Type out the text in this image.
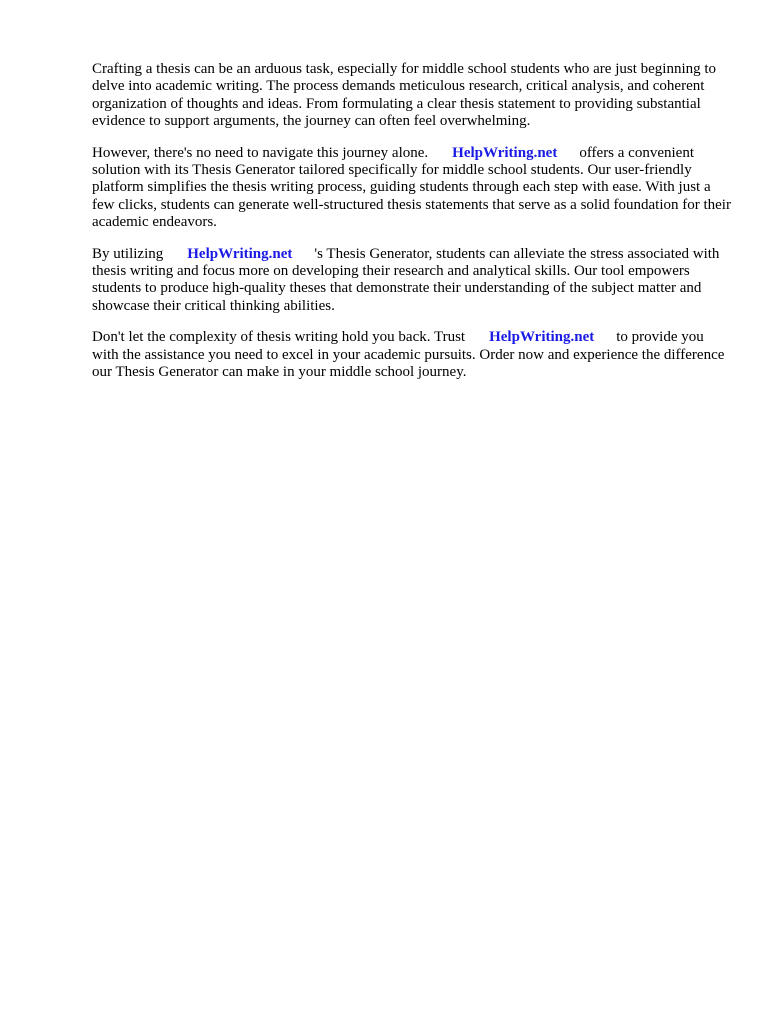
Crafting a thesis can be an arduous task, especially for middle school students who are just beginning to delve into academic writing. The process demands meticulous research, critical analysis, and coherent organization of thoughts and ideas. From formulating a clear thesis statement to providing substantial evidence to support arguments, the journey can often feel overwhelming.

However, there's no need to navigate this journey alone. HelpWriting.net offers a convenient solution with its Thesis Generator tailored specifically for middle school students. Our user-friendly platform simplifies the thesis writing process, guiding students through each step with ease. With just a few clicks, students can generate well-structured thesis statements that serve as a solid foundation for their academic endeavors.

By utilizing HelpWriting.net 's Thesis Generator, students can alleviate the stress associated with thesis writing and focus more on developing their research and analytical skills. Our tool empowers students to produce high-quality theses that demonstrate their understanding of the subject matter and showcase their critical thinking abilities.

Don't let the complexity of thesis writing hold you back. Trust HelpWriting.net to provide you with the assistance you need to excel in your academic pursuits. Order now and experience the difference our Thesis Generator can make in your middle school journey.
